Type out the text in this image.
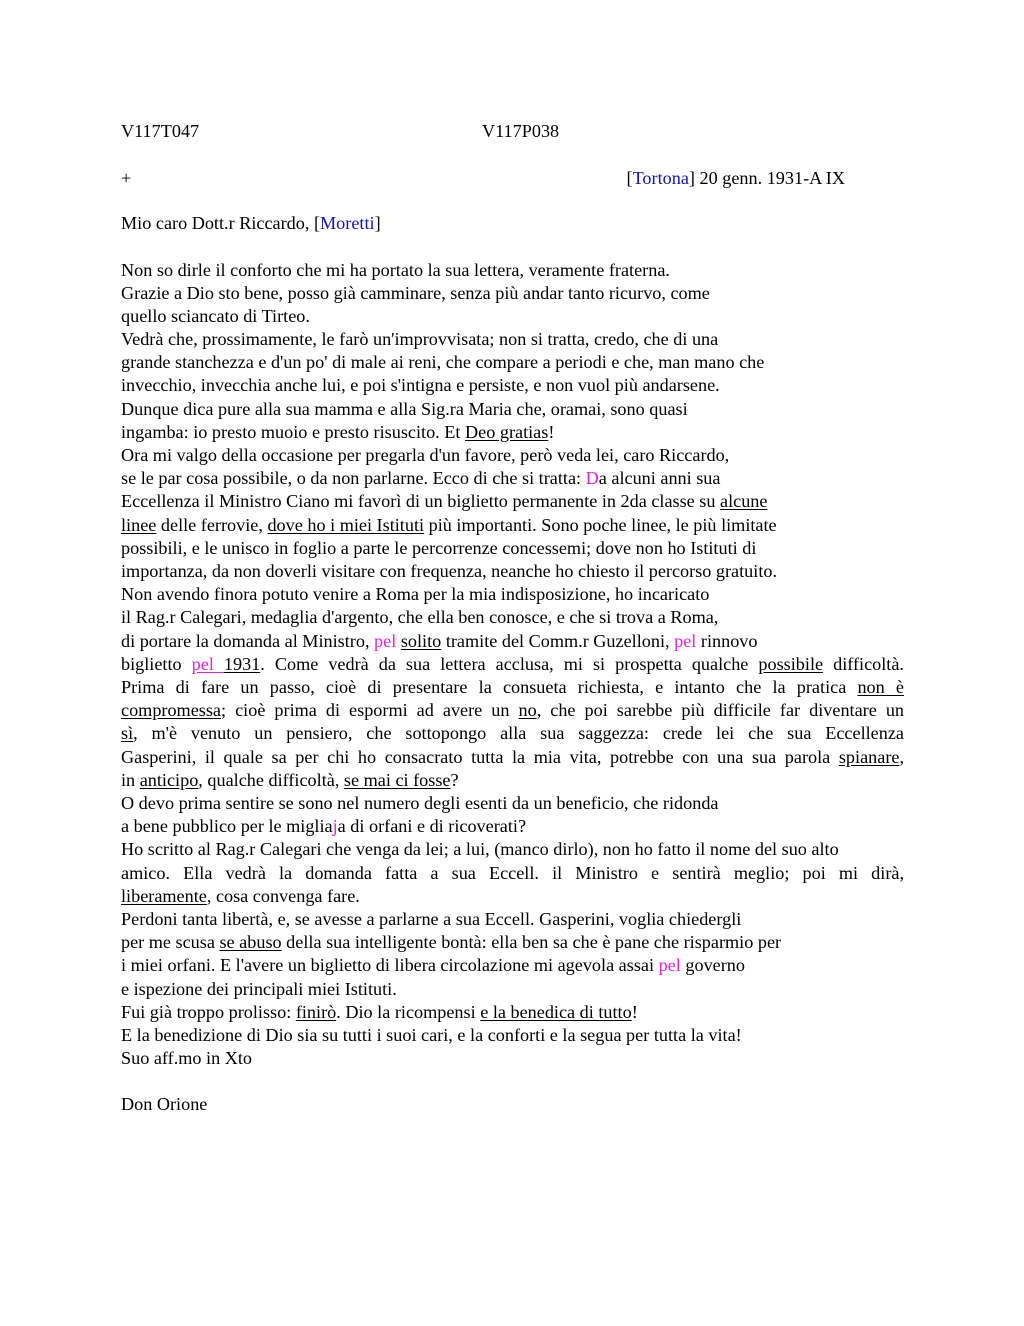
V117T047	V117P038
+	[Tortona] 20 genn. 1931-A IX
Mio caro Dott.r Riccardo, [Moretti]
Non so dirle il conforto che mi ha portato la sua lettera, veramente fraterna.
Grazie a Dio sto bene, posso già camminare, senza più andar tanto ricurvo, come
quello sciancato di Tirteo.
Vedrà che, prossimamente, le farò un'improvvisata; non si tratta, credo, che di una
grande stanchezza e d'un po' di male ai reni, che compare a periodi e che, man mano che
invecchio, invecchia anche lui, e poi s'intigna e persiste, e non vuol più andarsene.
Dunque dica pure alla sua mamma e alla Sig.ra Maria che, oramai, sono quasi
ingamba: io presto muoio e presto risuscito. Et Deo gratias!
Ora mi valgo della occasione per pregarla d'un favore, però veda lei, caro Riccardo,
se le par cosa possibile, o da non parlarne. Ecco di che si tratta: Da alcuni anni sua
Eccellenza il Ministro Ciano mi favorì di un biglietto permanente in 2da classe su alcune
linee delle ferrovie, dove ho i miei Istituti più importanti. Sono poche linee, le più limitate
possibili, e le unisco in foglio a parte le percorrenze concessemi; dove non ho Istituti di
importanza, da non doverli visitare con frequenza, neanche ho chiesto il percorso gratuito.
Non avendo finora potuto venire a Roma per la mia indisposizione, ho incaricato
il Rag.r Calegari, medaglia d'argento, che ella ben conosce, e che si trova a Roma,
di portare la domanda al Ministro, pel solito tramite del Comm.r Guzelloni, pel rinnovo
biglietto pel 1931. Come vedrà da sua lettera acclusa, mi si prospetta qualche possibile difficoltà.
Prima di fare un passo, cioè di presentare la consueta richiesta, e intanto che la pratica non è
compromessa; cioè prima di espormi ad avere un no, che poi sarebbe più difficile far diventare un
sì, m'è venuto un pensiero, che sottopongo alla sua saggezza: crede lei che sua Eccellenza
Gasperini, il quale sa per chi ho consacrato tutta la mia vita, potrebbe con una sua parola spianare,
in anticipo, qualche difficoltà, se mai ci fosse?
O devo prima sentire se sono nel numero degli esenti da un beneficio, che ridonda
a bene pubblico per le migliaja di orfani e di ricoverati?
Ho scritto al Rag.r Calegari che venga da lei; a lui, (manco dirlo), non ho fatto il nome del suo alto
amico. Ella vedrà la domanda fatta a sua Eccell. il Ministro e sentirà meglio; poi mi dirà,
liberamente, cosa convenga fare.
Perdoni tanta libertà, e, se avesse a parlarne a sua Eccell. Gasperini, voglia chiedergli
per me scusa se abuso della sua intelligente bontà: ella ben sa che è pane che risparmio per
i miei orfani. E l'avere un biglietto di libera circolazione mi agevola assai pel governo
e ispezione dei principali miei Istituti.
Fui già troppo prolisso: finirò. Dio la ricompensi e la benedica di tutto!
E la benedizione di Dio sia su tutti i suoi cari, e la conforti e la segua per tutta la vita!
Suo aff.mo in Xto
Don Orione
